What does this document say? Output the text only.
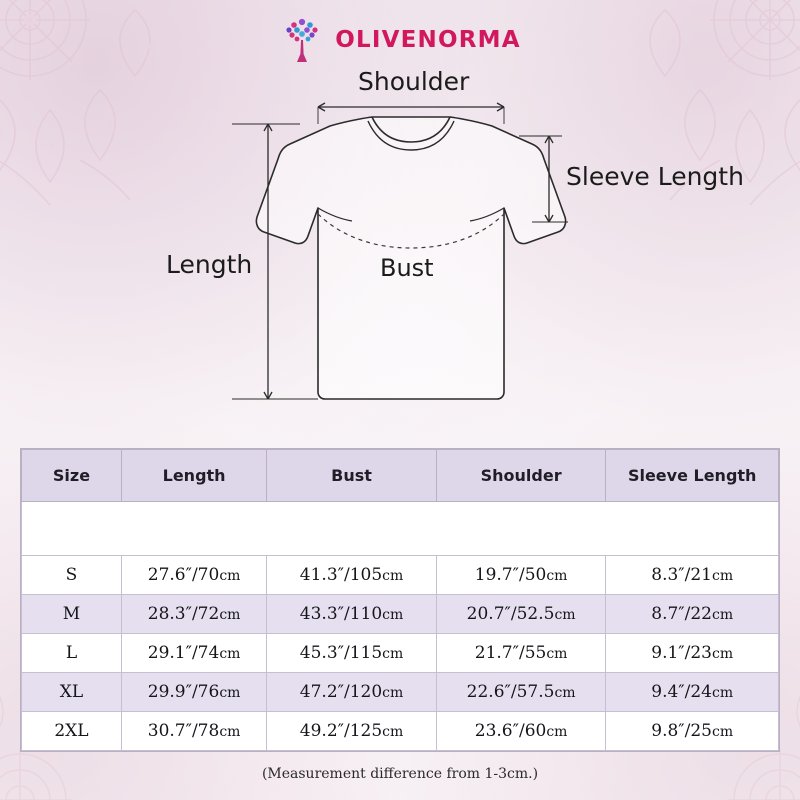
OLIVENORMA
Shoulder
Sleeve Length
Length	Bust
SIZE CHART(INCHES/CM)				
Size	Length	Bust	Shoulder	Sleeve Length
S	27.6″/70cm	41.3″/105cm	19.7″/50cm	8.3″/21cm
M	28.3″/72cm	43.3″/110cm	20.7″/52.5cm	8.7″/22cm
L	29.1″/74cm	45.3″/115cm	21.7″/55cm	9.1″/23cm
XL	29.9″/76cm	47.2″/120cm	22.6″/57.5cm	9.4″/24cm
2XL	30.7″/78cm	49.2″/125cm	23.6″/60cm	9.8″/25cm
(Measurement difference from 1-3cm.)
